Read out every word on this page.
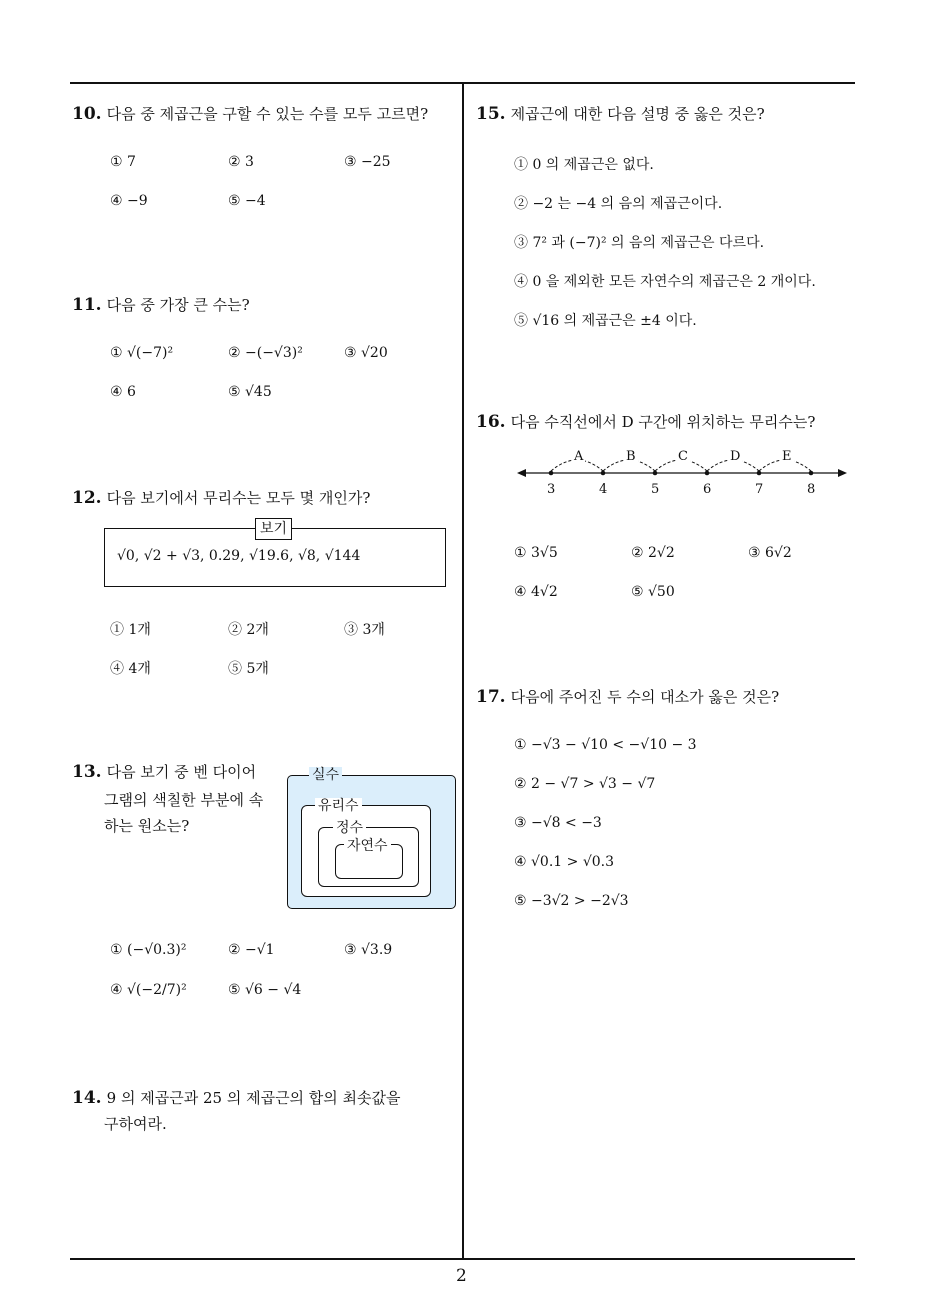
10. 다음 중 제곱근을 구할 수 있는 수를 모두 고르면?
① 7	② 3	③ −25
④ −9	⑤ −4
11. 다음 중 가장 큰 수는?
① √(−7)²	② −(−√3)²	③ √20
④ 6	⑤ √45
12. 다음 보기에서 무리수는 모두 몇 개인가?
√0, √2 + √3, 0.29, √19.6, √8, √144
보기
① 1개	② 2개	③ 3개
④ 4개	⑤ 5개
13. 다음 보기 중 벤 다이어
그램의 색칠한 부분에 속
하는 원소는?
실수
유리수
정수
자연수
① (−√0.3)²	② −√1	③ √3.9
④ √(−2/7)²	⑤ √6 − √4
14. 9 의 제곱근과 25 의 제곱근의 합의 최솟값을
구하여라.
15. 제곱근에 대한 다음 설명 중 옳은 것은?
① 0 의 제곱근은 없다.
② −2 는 −4 의 음의 제곱근이다.
③ 7² 과 (−7)² 의 음의 제곱근은 다르다.
④ 0 을 제외한 모든 자연수의 제곱근은 2 개이다.
⑤ √16 의 제곱근은 ±4 이다.
16. 다음 수직선에서 D 구간에 위치하는 무리수는?
① 3√5	② 2√2	③ 6√2
④ 4√2	⑤ √50
17. 다음에 주어진 두 수의 대소가 옳은 것은?
① −√3 − √10 < −√10 − 3
② 2 − √7 > √3 − √7
③ −√8 < −3
④ √0.1 > √0.3
⑤ −3√2 > −2√3
2
3	4	5	6	7	8
A	B	C	D	E
